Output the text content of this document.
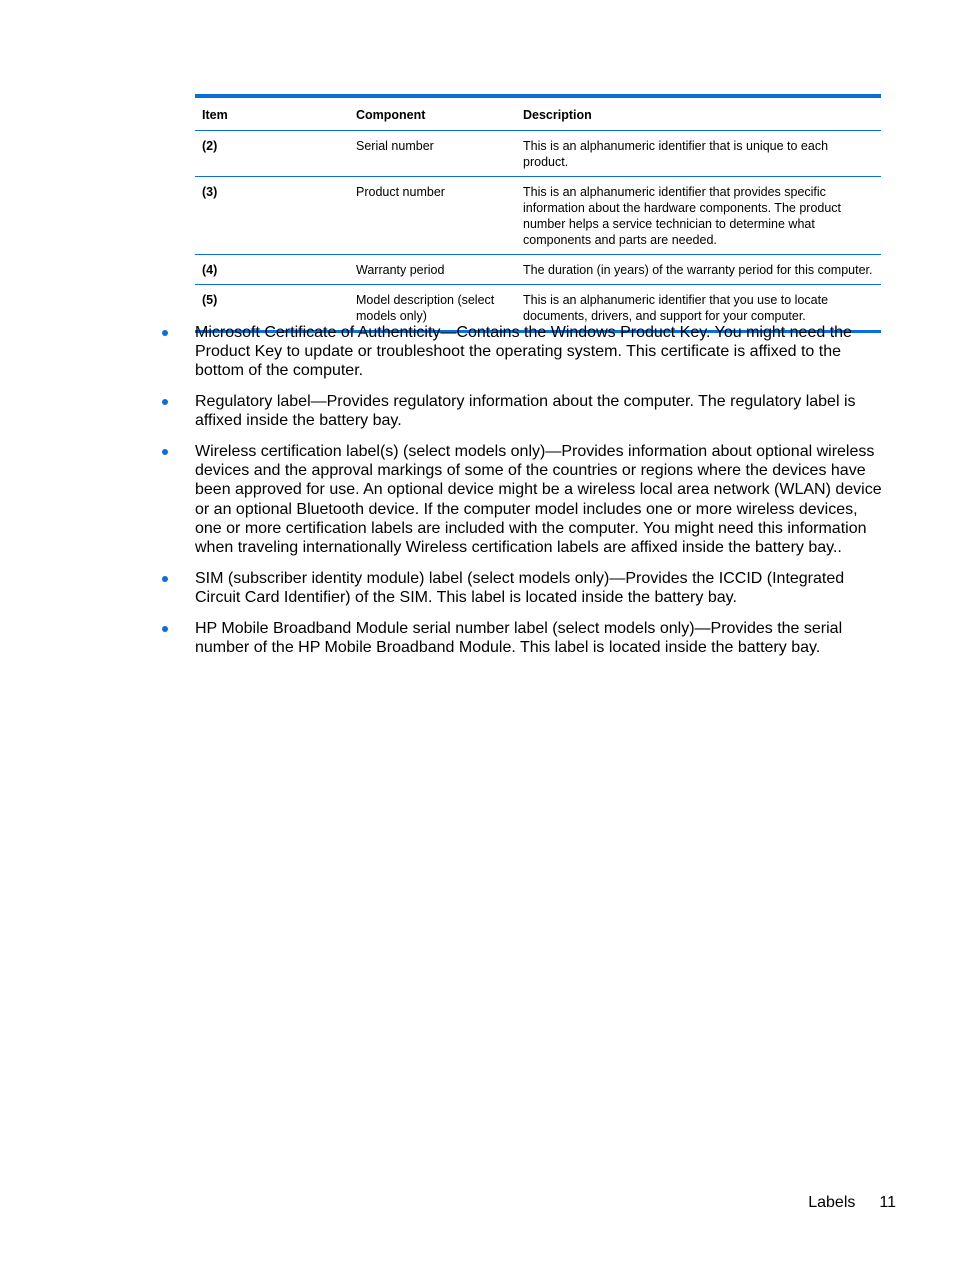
Item	Component	Description
(2)	Serial number	This is an alphanumeric identifier that is unique to each product.
(3)	Product number	This is an alphanumeric identifier that provides specific information about the hardware components. The product number helps a service technician to determine what components and parts are needed.
(4)	Warranty period	The duration (in years) of the warranty period for this computer.
(5)	Model description (select models only)	This is an alphanumeric identifier that you use to locate documents, drivers, and support for your computer.
Microsoft Certificate of Authenticity—Contains the Windows Product Key. You might need the Product Key to update or troubleshoot the operating system. This certificate is affixed to the bottom of the computer.
Regulatory label—Provides regulatory information about the computer. The regulatory label is affixed inside the battery bay.
Wireless certification label(s) (select models only)—Provides information about optional wireless devices and the approval markings of some of the countries or regions where the devices have been approved for use. An optional device might be a wireless local area network (WLAN) device or an optional Bluetooth device. If the computer model includes one or more wireless devices, one or more certification labels are included with the computer. You might need this information when traveling internationally Wireless certification labels are affixed inside the battery bay..
SIM (subscriber identity module) label (select models only)—Provides the ICCID (Integrated Circuit Card Identifier) of the SIM. This label is located inside the battery bay.
HP Mobile Broadband Module serial number label (select models only)—Provides the serial number of the HP Mobile Broadband Module. This label is located inside the battery bay.
Labels 11
